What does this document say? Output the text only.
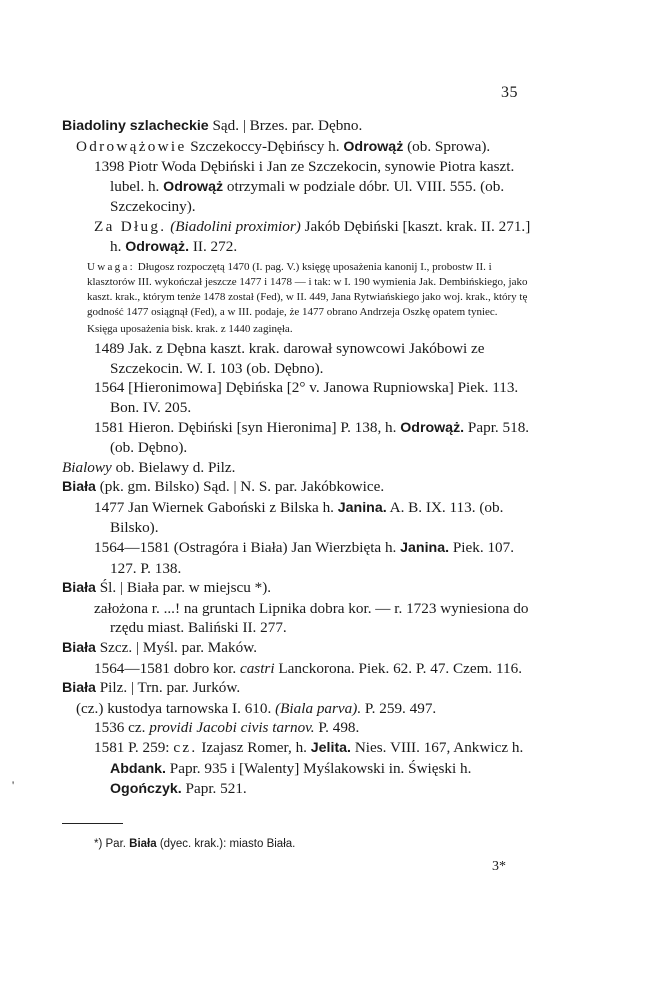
35

Biadoliny szlacheckie Sąd. | Brzes. par. Dębno.

Odrowążowie Szczekoccy-Dębińscy h. Odrowąż (ob. Sprowa).

1398 Piotr Woda Dębiński i Jan ze Szczekocin, synowie Piotra kaszt. lubel. h. Odrowąż otrzymali w podziale dóbr. Ul. VIII. 555. (ob. Szczekociny).

Za Dług. (Biadolini proximior) Jakób Dębiński [kaszt. krak. II. 271.] h. Odrowąż. II. 272.

Uwaga: Długosz rozpoczętą 1470 (I. pag. V.) księgę uposażenia kanonij I., probostw II. i klasztorów III. wykończał jeszcze 1477 i 1478 — i tak: w I. 190 wymienia Jak. Dembińskiego, jako kaszt. krak., którym tenże 1478 został (Fed), w II. 449, Jana Rytwiańskiego jako woj. krak., który tę godność 1477 osiągnął (Fed), a w III. podaje, że 1477 obrano Andrzeja Oszkę opatem tyniec.

Księga uposażenia bisk. krak. z 1440 zaginęła.

1489 Jak. z Dębna kaszt. krak. darował synowcowi Jakóbowi ze Szczekocin. W. I. 103 (ob. Dębno).

1564 [Hieronimowa] Dębińska [2° v. Janowa Rupniowska] Piek. 113. Bon. IV. 205.

1581 Hieron. Dębiński [syn Hieronima] P. 138, h. Odrowąż. Papr. 518. (ob. Dębno).

Bialowy ob. Bielawy d. Pilz.

Biała (pk. gm. Bilsko) Sąd. | N. S. par. Jakóbkowice.

1477 Jan Wiernek Gaboński z Bilska h. Janina. A. B. IX. 113. (ob. Bilsko).

1564—1581 (Ostragóra i Biała) Jan Wierzbięta h. Janina. Piek. 107. 127. P. 138.

Biała Śl. | Biała par. w miejscu *).

założona r. ...! na gruntach Lipnika dobra kor. — r. 1723 wyniesiona do rzędu miast. Baliński II. 277.

Biała Szcz. | Myśl. par. Maków.

1564—1581 dobro kor. castri Lanckorona. Piek. 62. P. 47. Czem. 116.

Biała Pilz. | Trn. par. Jurków.

(cz.) kustodya tarnowska I. 610. (Biala parva). P. 259. 497.

1536 cz. providi Jacobi civis tarnov. P. 498.

1581 P. 259: cz. Izajasz Romer, h. Jelita. Nies. VIII. 167, Ankwicz h. Abdank. Papr. 935 i [Walenty] Myślakowski in. Święski h. Ogończyk. Papr. 521.

*) Par. Biała (dyec. krak.): miasto Biała.
3*
'
